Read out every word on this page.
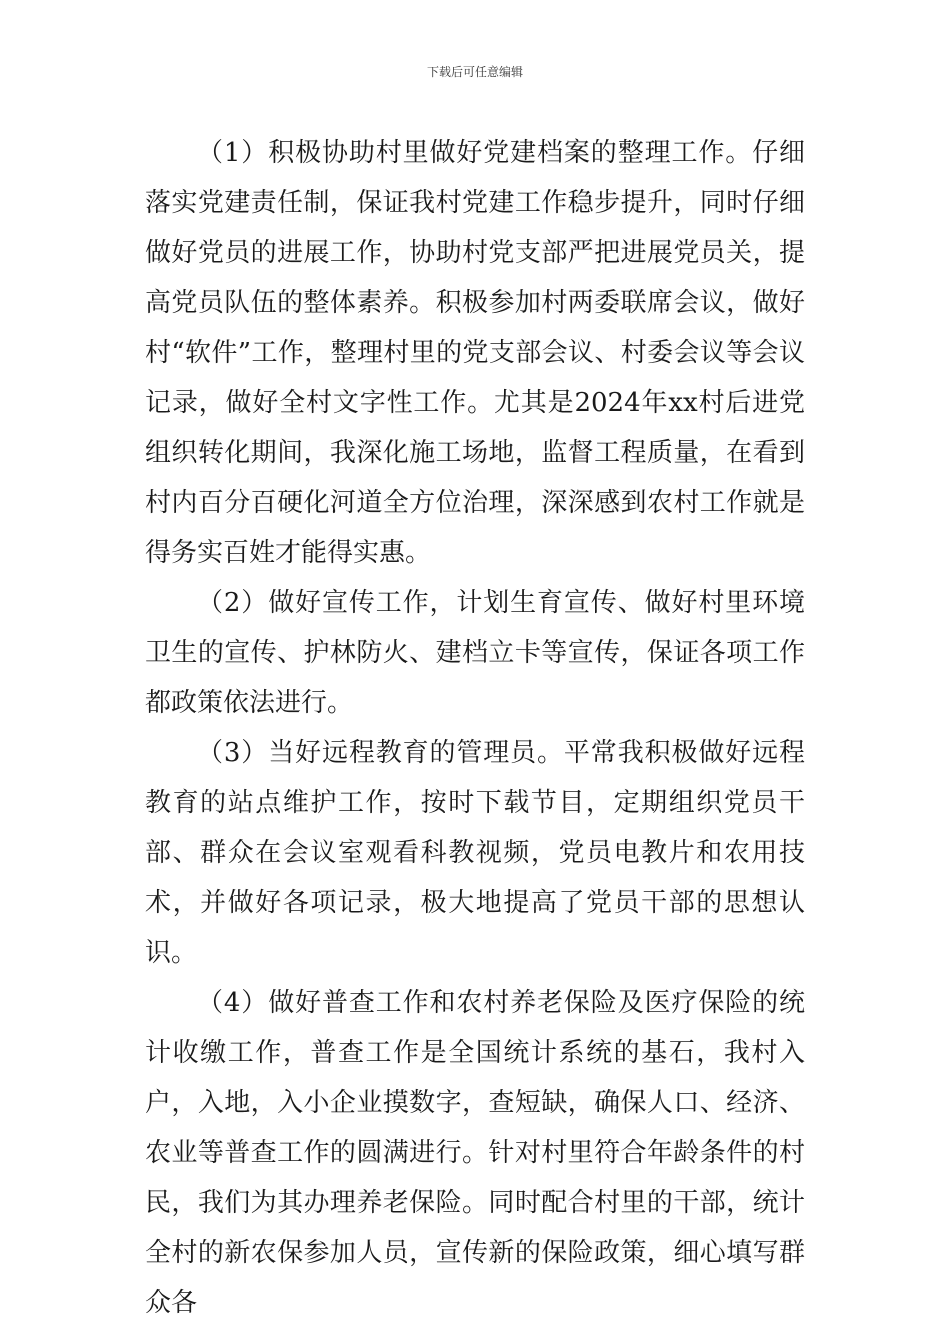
下载后可任意编辑

（1）积极协助村里做好党建档案的整理工作。仔细落实党建责任制，保证我村党建工作稳步提升，同时仔细做好党员的进展工作，协助村党支部严把进展党员关，提高党员队伍的整体素养。积极参加村两委联席会议，做好村“软件”工作，整理村里的党支部会议、村委会议等会议记录，做好全村文字性工作。尤其是2024年xx村后进党组织转化期间，我深化施工场地，监督工程质量，在看到村内百分百硬化河道全方位治理，深深感到农村工作就是得务实百姓才能得实惠。

（2）做好宣传工作，计划生育宣传、做好村里环境卫生的宣传、护林防火、建档立卡等宣传，保证各项工作都政策依法进行。

（3）当好远程教育的管理员。平常我积极做好远程教育的站点维护工作，按时下载节目，定期组织党员干部、群众在会议室观看科教视频，党员电教片和农用技术，并做好各项记录，极大地提高了党员干部的思想认识。

（4）做好普查工作和农村养老保险及医疗保险的统计收缴工作，普查工作是全国统计系统的基石，我村入户，入地，入小企业摸数字，查短缺，确保人口、经济、农业等普查工作的圆满进行。针对村里符合年龄条件的村民，我们为其办理养老保险。同时配合村里的干部，统计全村的新农保参加人员，宣传新的保险政策，细心填写群众各
